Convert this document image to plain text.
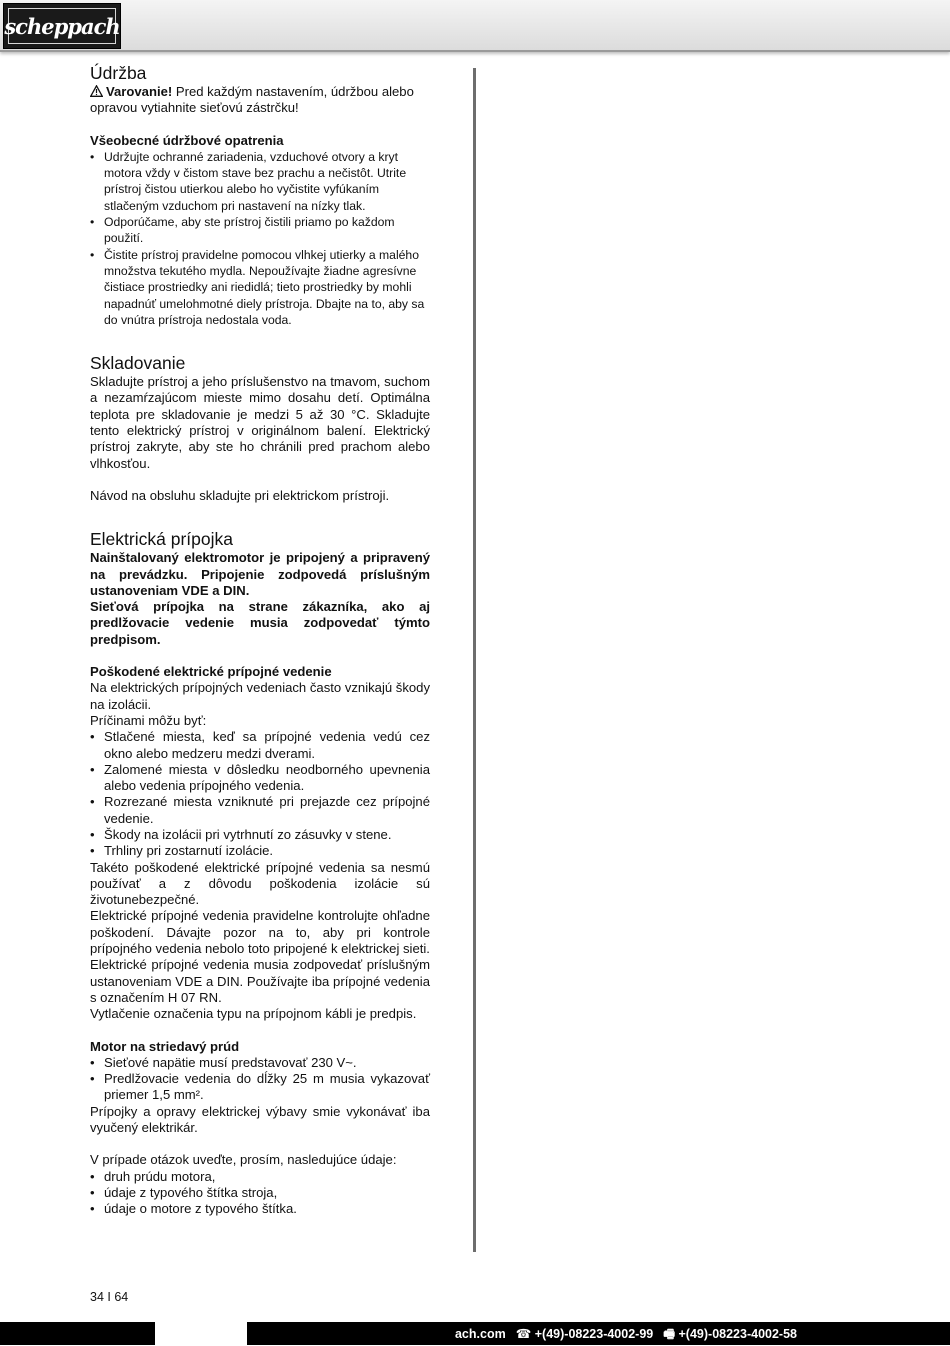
scheppach
Údržba

Varovanie! Pred každým nastavením, údržbou alebo opravou vytiahnite sieťovú zástrčku!

Všeobecné údržbové opatrenia
• Udržujte ochranné zariadenia, vzduchové otvory a kryt motora vždy v čistom stave bez prachu a nečistôt. Utrite prístroj čistou utierkou alebo ho vyčistite vyfúkaním stlačeným vzduchom pri nastavení na nízky tlak.
• Odporúčame, aby ste prístroj čistili priamo po každom použití.
• Čistite prístroj pravidelne pomocou vlhkej utierky a malého množstva tekutého mydla. Nepoužívajte žiadne agresívne čistiace prostriedky ani riedidlá; tieto prostriedky by mohli napadnúť umelohmotné diely prístroja. Dbajte na to, aby sa do vnútra prístroja nedostala voda.
Skladovanie

Skladujte prístroj a jeho príslušenstvo na tmavom, suchom a nezamŕzajúcom mieste mimo dosahu detí. Optimálna teplota pre skladovanie je medzi 5 až 30 °C. Skladujte tento elektrický prístroj v originálnom balení. Elektrický prístroj zakryte, aby ste ho chránili pred prachom alebo vlhkosťou.

Návod na obsluhu skladujte pri elektrickom prístroji.

Elektrická prípojka

Nainštalovaný elektromotor je pripojený a pripravený na prevádzku. Pripojenie zodpovedá príslušným ustanoveniam VDE a DIN.

Sieťová prípojka na strane zákazníka, ako aj predlžovacie vedenie musia zodpovedať týmto predpisom.

Poškodené elektrické prípojné vedenie

Na elektrických prípojných vedeniach často vznikajú škody na izolácii.

Príčinami môžu byť:

• Stlačené miesta, keď sa prípojné vedenia vedú cez okno alebo medzeru medzi dverami.
• Zalomené miesta v dôsledku neodborného upevnenia alebo vedenia prípojného vedenia.
• Rozrezané miesta vzniknuté pri prejazde cez prípojné vedenie.
• Škody na izolácii pri vytrhnutí zo zásuvky v stene.
• Trhliny pri zostarnutí izolácie.

Takéto poškodené elektrické prípojné vedenia sa nesmú používať a z dôvodu poškodenia izolácie sú životunebezpečné.

Elektrické prípojné vedenia pravidelne kontrolujte ohľadne poškodení. Dávajte pozor na to, aby pri kontrole prípojného vedenia nebolo toto pripojené k elektrickej sieti.

Elektrické prípojné vedenia musia zodpovedať príslušným ustanoveniam VDE a DIN. Používajte iba prípojné vedenia s označením H 07 RN.

Vytlačenie označenia typu na prípojnom kábli je predpis.

Motor na striedavý prúd
• Sieťové napätie musí predstavovať 230 V~.
• Predlžovacie vedenia do dĺžky 25 m musia vykazovať priemer 1,5 mm².

Prípojky a opravy elektrickej výbavy smie vykonávať iba vyučený elektrikár.

V prípade otázok uveďte, prosím, nasledujúce údaje:

• druh prúdu motora,
• údaje z typového štítka stroja,
• údaje o motore z typového štítka.
34 I 64
ach.com ☎ +(49)-08223-4002-99 🖷 +(49)-08223-4002-58
